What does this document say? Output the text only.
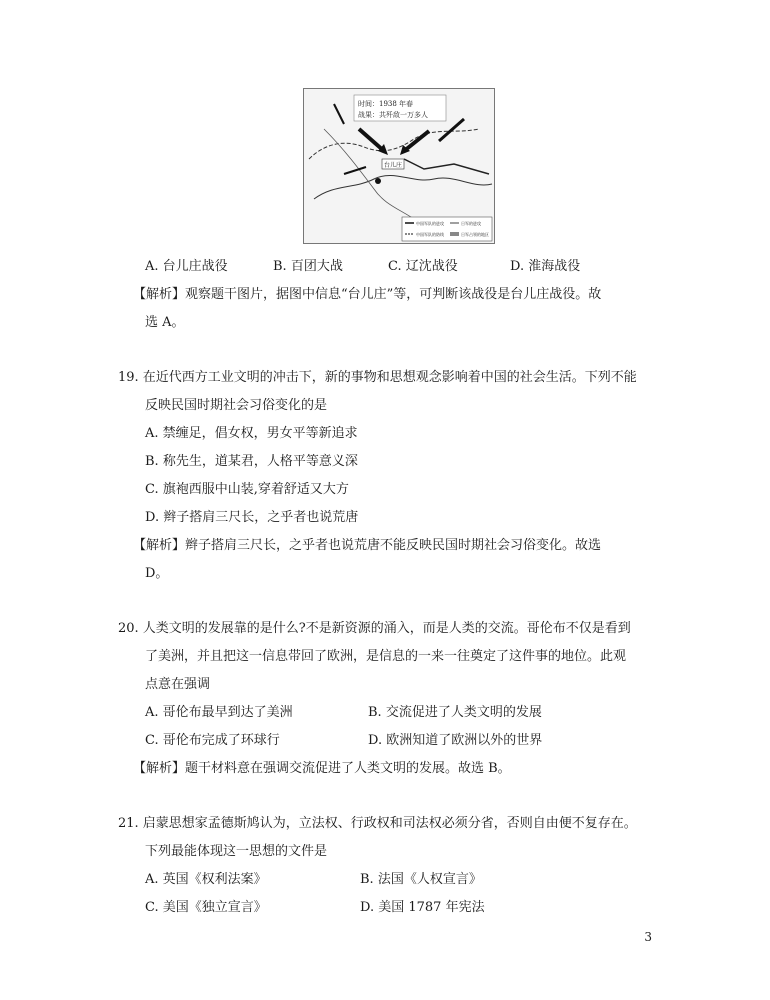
时间：1938 年春
战果：共歼敌一万多人
台儿庄
中国军队的进攻	日军的进攻
中国军队的防线	日军占领的地区
A. 台儿庄战役	B. 百团大战	C. 辽沈战役	D. 淮海战役
【解析】观察题干图片，据图中信息“台儿庄”等，可判断该战役是台儿庄战役。故
选 A。
19. 在近代西方工业文明的冲击下，新的事物和思想观念影响着中国的社会生活。下列不能
反映民国时期社会习俗变化的是
A. 禁缠足，倡女权，男女平等新追求
B. 称先生，道某君，人格平等意义深
C. 旗袍西服中山装,穿着舒适又大方
D. 辫子搭肩三尺长，之乎者也说荒唐
【解析】辫子搭肩三尺长，之乎者也说荒唐不能反映民国时期社会习俗变化。故选
D。
20. 人类文明的发展靠的是什么?不是新资源的涌入，而是人类的交流。哥伦布不仅是看到
了美洲，并且把这一信息带回了欧洲，是信息的一来一往奠定了这件事的地位。此观
点意在强调
A. 哥伦布最早到达了美洲	B. 交流促进了人类文明的发展
C. 哥伦布完成了环球行	D. 欧洲知道了欧洲以外的世界
【解析】题干材料意在强调交流促进了人类文明的发展。故选 B。
21. 启蒙思想家孟德斯鸠认为，立法权、行政权和司法权必须分省，否则自由便不复存在。
下列最能体现这一思想的文件是
A. 英国《权利法案》	B. 法国《人权宣言》
C. 美国《独立宣言》	D. 美国 1787 年宪法
3
